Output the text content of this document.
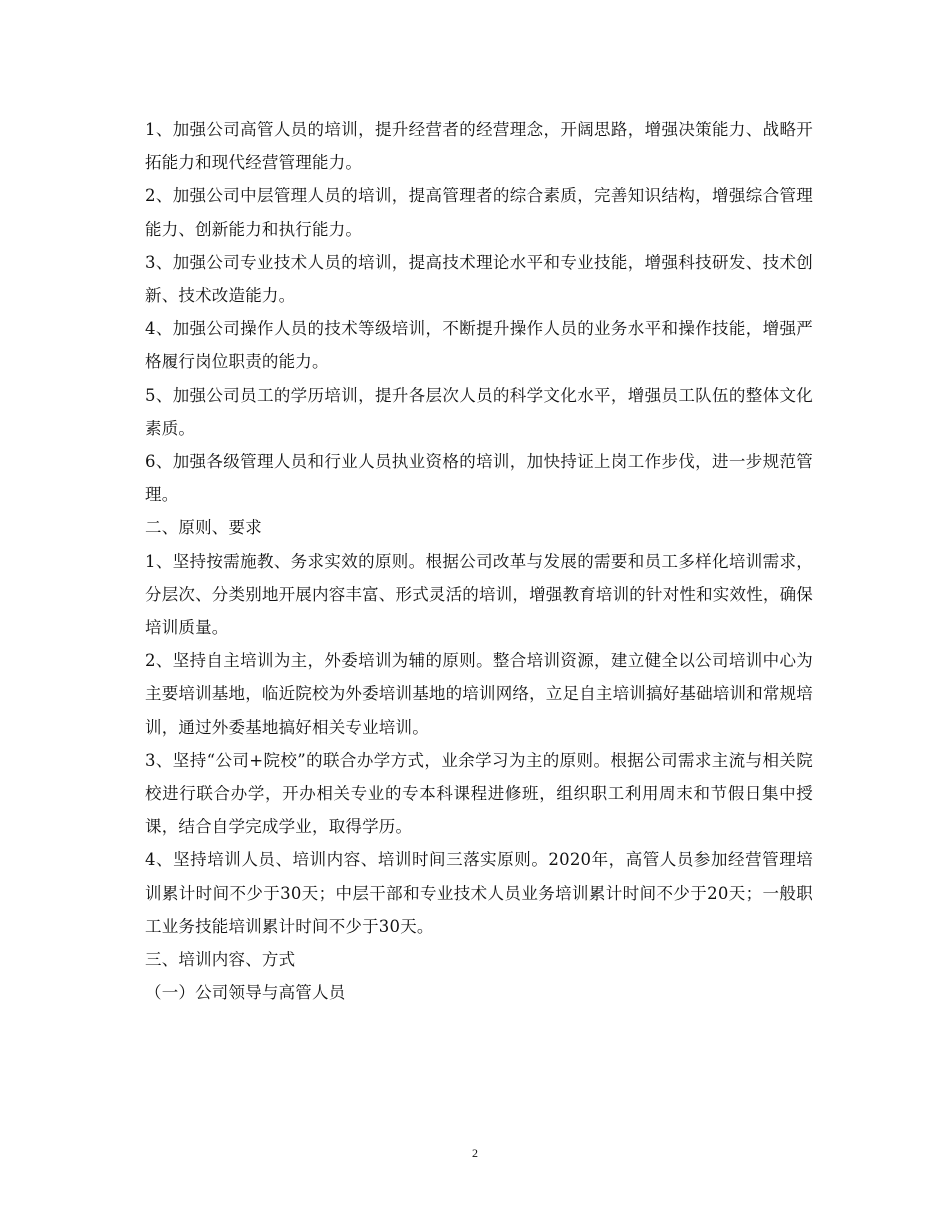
1、加强公司高管人员的培训，提升经营者的经营理念，开阔思路，增强决策能力、战略开拓能力和现代经营管理能力。

2、加强公司中层管理人员的培训，提高管理者的综合素质，完善知识结构，增强综合管理能力、创新能力和执行能力。

3、加强公司专业技术人员的培训，提高技术理论水平和专业技能，增强科技研发、技术创新、技术改造能力。

4、加强公司操作人员的技术等级培训，不断提升操作人员的业务水平和操作技能，增强严格履行岗位职责的能力。

5、加强公司员工的学历培训，提升各层次人员的科学文化水平，增强员工队伍的整体文化素质。

6、加强各级管理人员和行业人员执业资格的培训，加快持证上岗工作步伐，进一步规范管理。

二、原则、要求

1、坚持按需施教、务求实效的原则。根据公司改革与发展的需要和员工多样化培训需求，分层次、分类别地开展内容丰富、形式灵活的培训，增强教育培训的针对性和实效性，确保培训质量。

2、坚持自主培训为主，外委培训为辅的原则。整合培训资源，建立健全以公司培训中心为主要培训基地，临近院校为外委培训基地的培训网络，立足自主培训搞好基础培训和常规培训，通过外委基地搞好相关专业培训。

3、坚持“公司+院校”的联合办学方式，业余学习为主的原则。根据公司需求主流与相关院校进行联合办学，开办相关专业的专本科课程进修班，组织职工利用周末和节假日集中授课，结合自学完成学业，取得学历。

4、坚持培训人员、培训内容、培训时间三落实原则。2020年，高管人员参加经营管理培训累计时间不少于30天；中层干部和专业技术人员业务培训累计时间不少于20天；一般职工业务技能培训累计时间不少于30天。

三、培训内容、方式

（一）公司领导与高管人员

2
